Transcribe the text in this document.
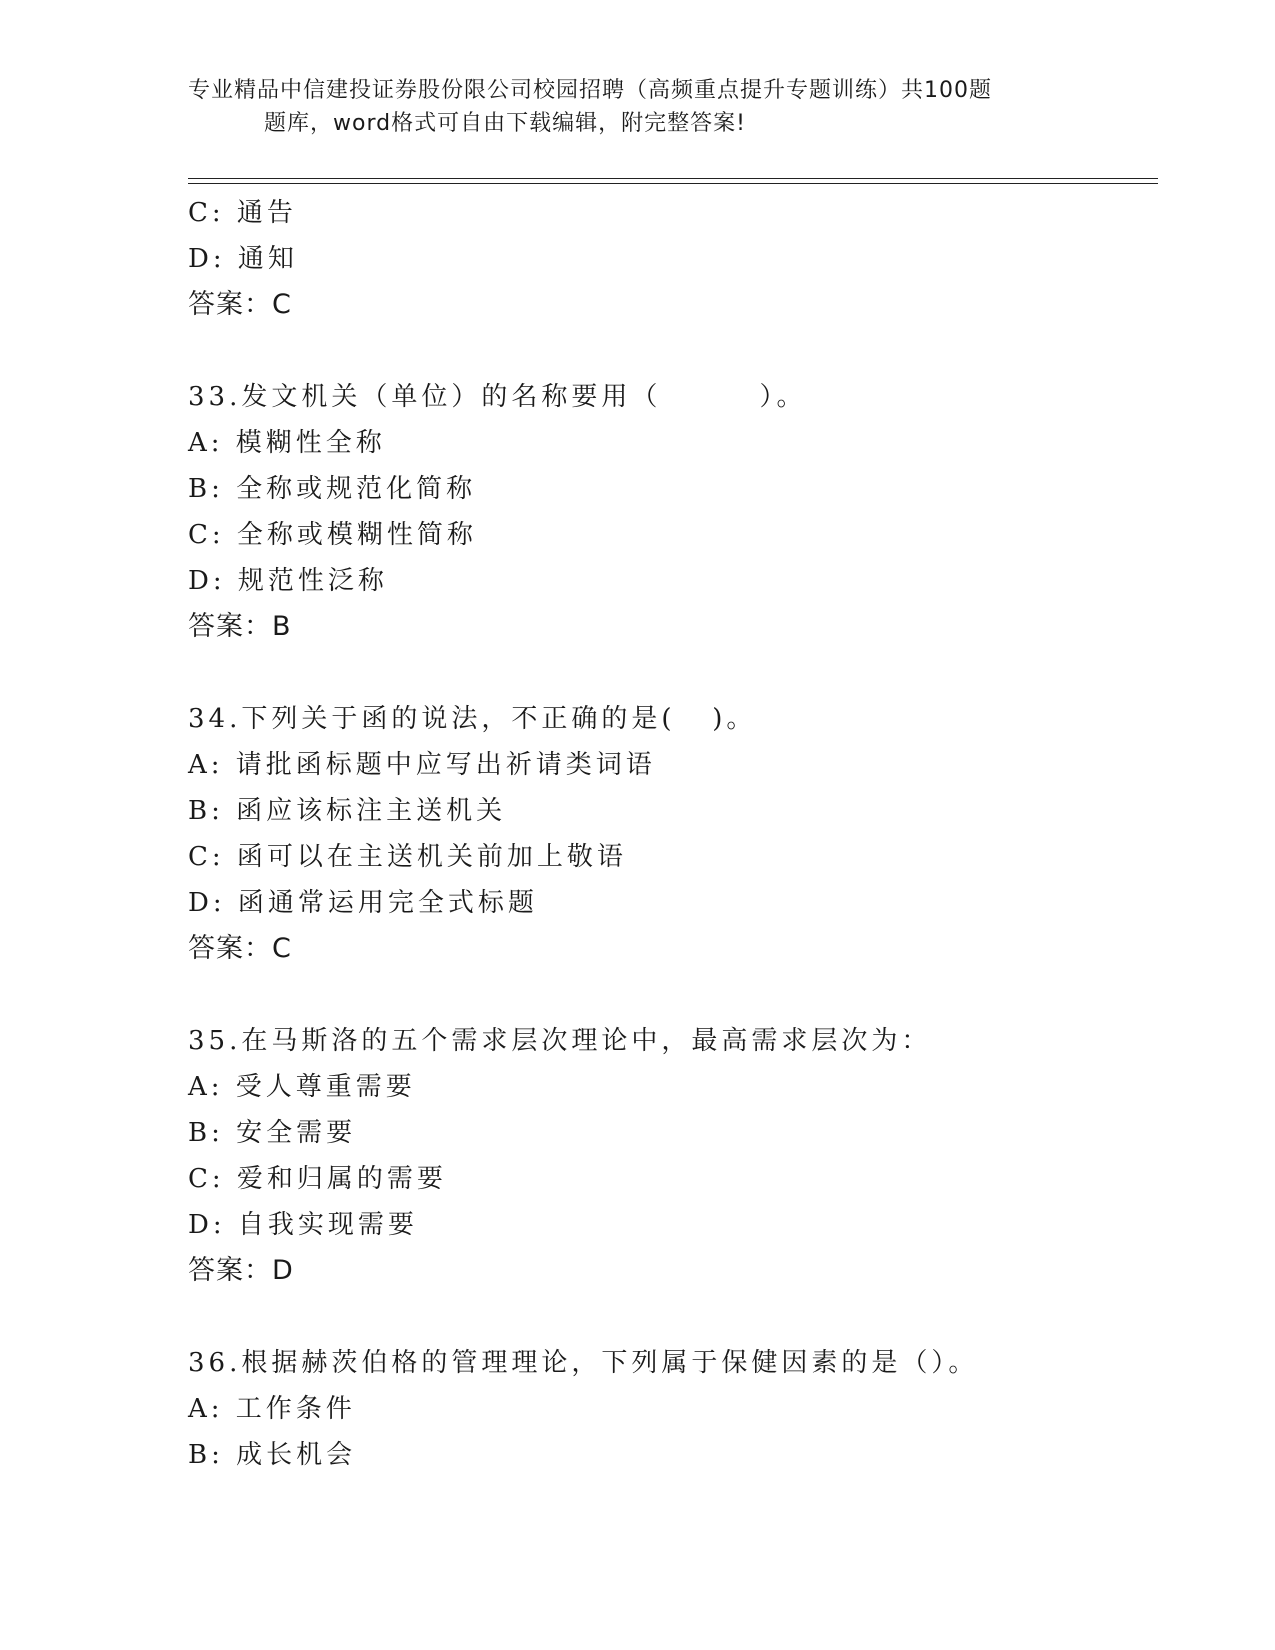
专业精品中信建投证券股份限公司校园招聘（高频重点提升专题训练）共100题
题库，word格式可自由下载编辑，附完整答案!
C: 通告
D: 通知
答案：C
33.发文机关（单位）的名称要用（        ）。
A: 模糊性全称
B: 全称或规范化简称
C: 全称或模糊性简称
D: 规范性泛称
答案：B
34.下列关于函的说法，不正确的是(   )。
A: 请批函标题中应写出祈请类词语
B: 函应该标注主送机关
C: 函可以在主送机关前加上敬语
D: 函通常运用完全式标题
答案：C
35.在马斯洛的五个需求层次理论中，最高需求层次为：
A: 受人尊重需要
B: 安全需要
C: 爱和归属的需要
D: 自我实现需要
答案：D
36.根据赫茨伯格的管理理论，下列属于保健因素的是（）。
A: 工作条件
B: 成长机会
